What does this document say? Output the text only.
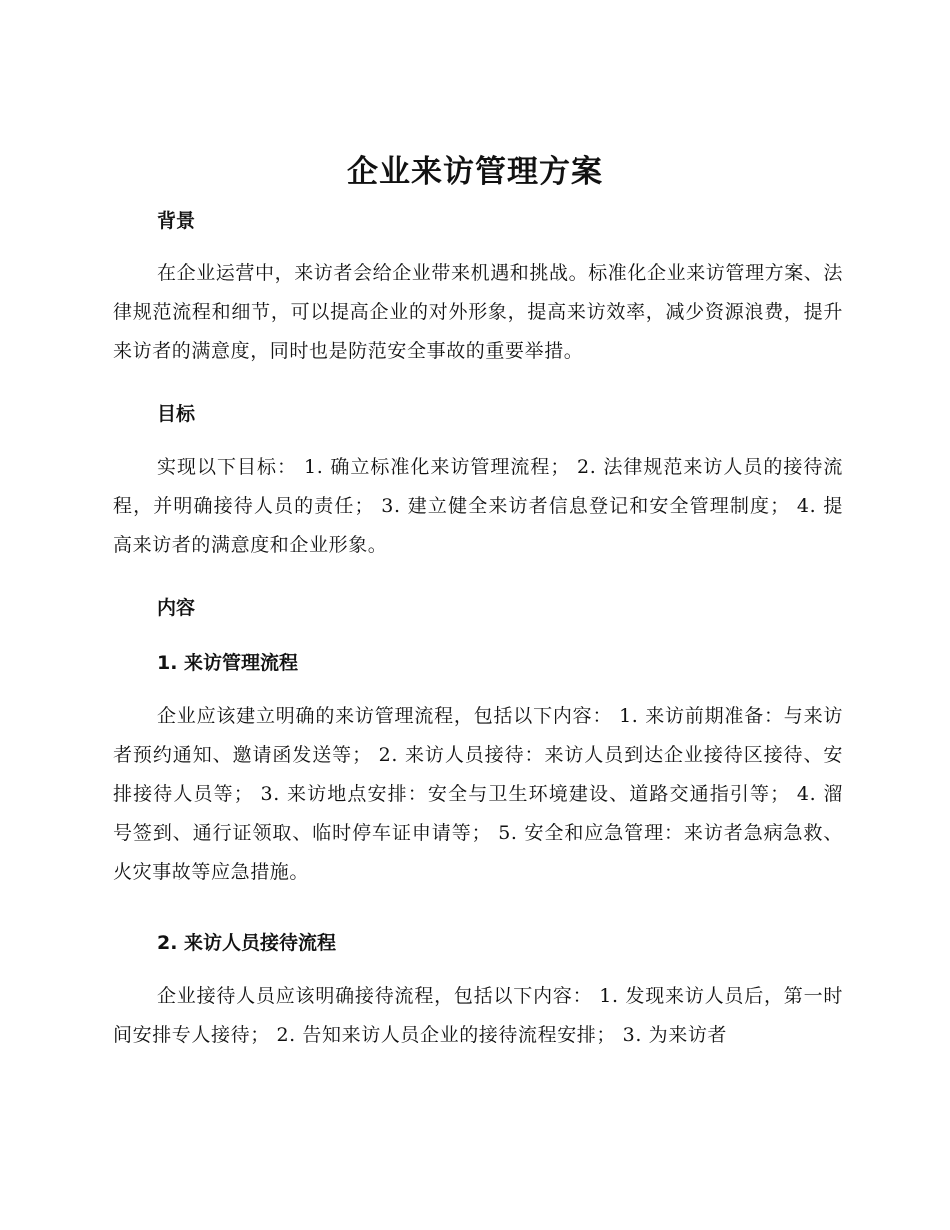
企业来访管理方案
背景
在企业运营中，来访者会给企业带来机遇和挑战。标准化企业来访管理方案、法律规范流程和细节，可以提高企业的对外形象，提高来访效率，减少资源浪费，提升来访者的满意度，同时也是防范安全事故的重要举措。
目标
实现以下目标： 1. 确立标准化来访管理流程； 2. 法律规范来访人员的接待流程，并明确接待人员的责任； 3. 建立健全来访者信息登记和安全管理制度； 4. 提高来访者的满意度和企业形象。
内容
1. 来访管理流程
企业应该建立明确的来访管理流程，包括以下内容： 1. 来访前期准备：与来访者预约通知、邀请函发送等； 2. 来访人员接待：来访人员到达企业接待区接待、安排接待人员等； 3. 来访地点安排：安全与卫生环境建设、道路交通指引等； 4. 溜号签到、通行证领取、临时停车证申请等； 5. 安全和应急管理：来访者急病急救、火灾事故等应急措施。
2. 来访人员接待流程
企业接待人员应该明确接待流程，包括以下内容： 1. 发现来访人员后，第一时间安排专人接待； 2. 告知来访人员企业的接待流程安排； 3. 为来访者
